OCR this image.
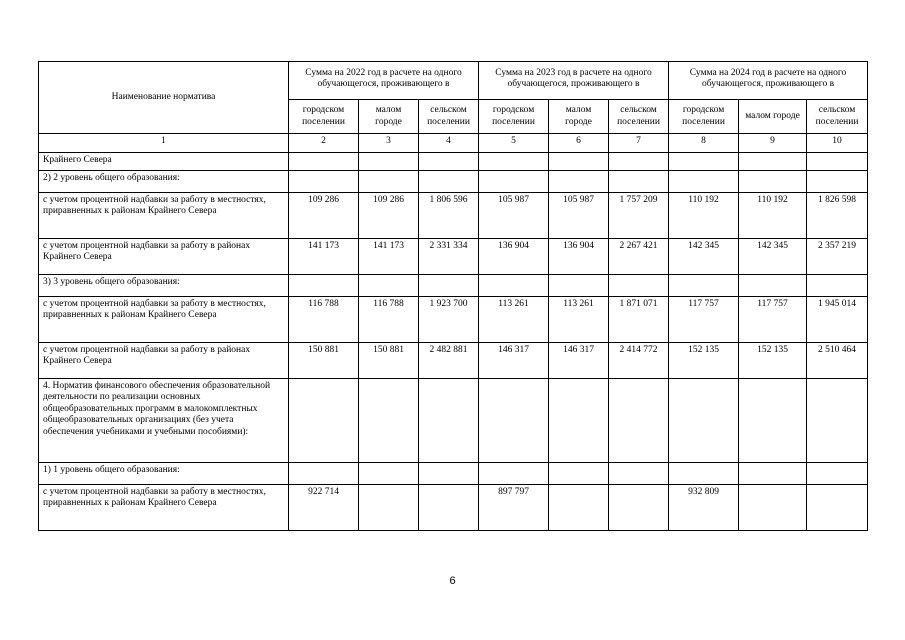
Наименование норматива	Сумма на 2022 год в расчете на одного обучающегося, проживающего в			Сумма на 2023 год в расчете на одного обучающегося, проживающего в			Сумма на 2024 год в расчете на одного обучающегося, проживающего в		
	городском поселении	малом городе	сельском поселении	городском поселении	малом городе	сельском поселении	городском поселении	малом городе	сельском поселении
1	2	3	4	5	6	7	8	9	10
Крайнего Севера									
2) 2 уровень общего образования:									
с учетом процентной надбавки за работу в местностях, приравненных к районам Крайнего Севера	109 286	109 286	1 806 596	105 987	105 987	1 757 209	110 192	110 192	1 826 598
с учетом процентной надбавки за работу в районах Крайнего Севера	141 173	141 173	2 331 334	136 904	136 904	2 267 421	142 345	142 345	2 357 219
3) 3 уровень общего образования:									
с учетом процентной надбавки за работу в местностях, приравненных к районам Крайнего Севера	116 788	116 788	1 923 700	113 261	113 261	1 871 071	117 757	117 757	1 945 014
с учетом процентной надбавки за работу в районах Крайнего Севера	150 881	150 881	2 482 881	146 317	146 317	2 414 772	152 135	152 135	2 510 464
4. Норматив финансового обеспечения образовательной деятельности по реализации основных общеобразовательных программ в малокомплектных общеобразовательных организациях (без учета обеспечения учебниками и учебными пособиями):									
1) 1 уровень общего образования:									
с учетом процентной надбавки за работу в местностях, приравненных к районам Крайнего Севера	922 714			897 797			932 809		
6
